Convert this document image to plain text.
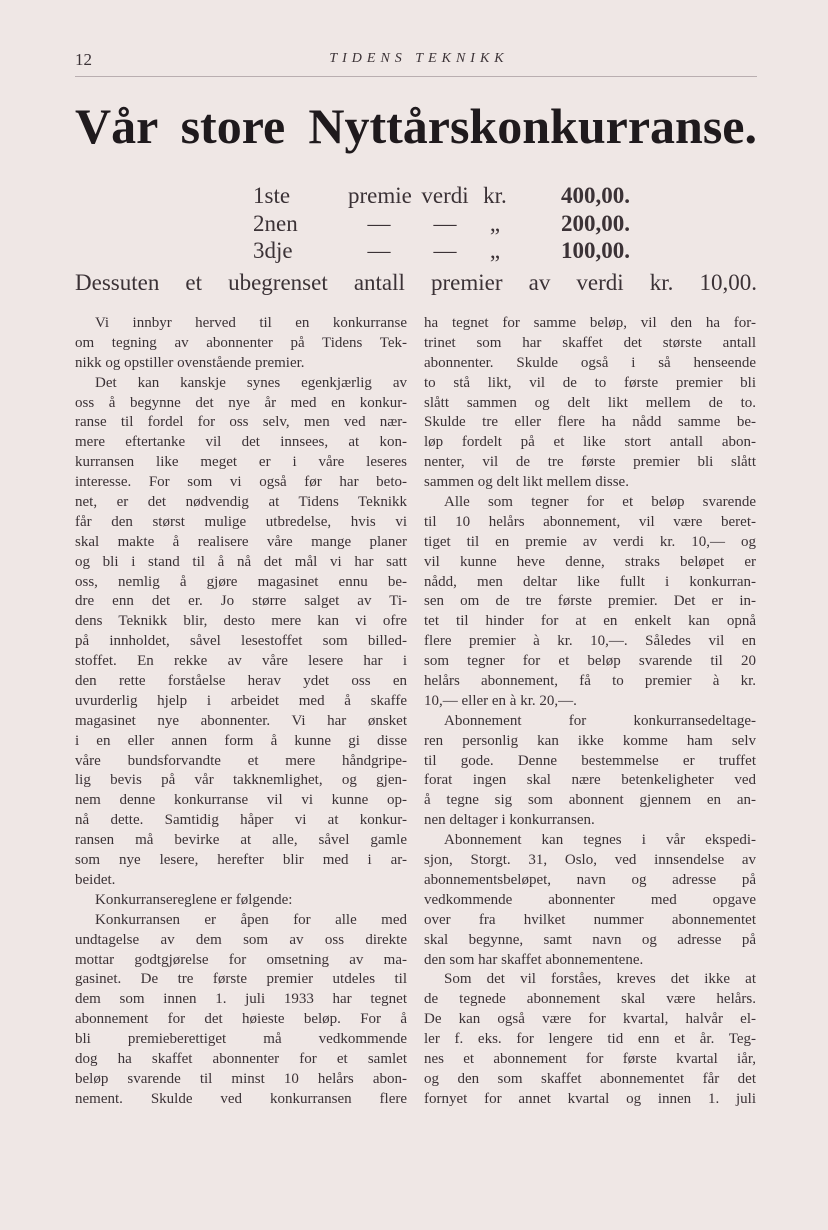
12	TIDENS TEKNIKK
Vår store Nyttårskonkurranse.
1ste	premie verdi kr.	400,00.
2nen	—	—	„	200,00.
3dje	—	—	„	100,00.
Dessuten et ubegrenset antall premier av verdi kr. 10,00.
Vi innbyr herved til en konkurranse
om tegning av abonnenter på Tidens Tek-
nikk og opstiller ovenstående premier.
Det kan kanskje synes egenkjærlig av
oss å begynne det nye år med en konkur-
ranse til fordel for oss selv, men ved nær-
mere eftertanke vil det innsees, at kon-
kurransen like meget er i våre leseres
interesse. For som vi også før har beto-
net, er det nødvendig at Tidens Teknikk
får den størst mulige utbredelse, hvis vi
skal makte å realisere våre mange planer
og bli i stand til å nå det mål vi har satt
oss, nemlig å gjøre magasinet ennu be-
dre enn det er. Jo større salget av Ti-
dens Teknikk blir, desto mere kan vi ofre
på innholdet, såvel lesestoffet som billed-
stoffet. En rekke av våre lesere har i
den rette forståelse herav ydet oss en
uvurderlig hjelp i arbeidet med å skaffe
magasinet nye abonnenter. Vi har ønsket
i en eller annen form å kunne gi disse
våre bundsforvandte et mere håndgripe-
lig bevis på vår takknemlighet, og gjen-
nem denne konkurranse vil vi kunne op-
nå dette. Samtidig håper vi at konkur-
ransen må bevirke at alle, såvel gamle
som nye lesere, herefter blir med i ar-
beidet.
Konkurransereglene er følgende:
Konkurransen er åpen for alle med
undtagelse av dem som av oss direkte
mottar godtgjørelse for omsetning av ma-
gasinet. De tre første premier utdeles til
dem som innen 1. juli 1933 har tegnet
abonnement for det høieste beløp. For å
bli premieberettiget må vedkommende
dog ha skaffet abonnenter for et samlet
beløp svarende til minst 10 helårs abon-
nement. Skulde ved konkurransen flere
ha tegnet for samme beløp, vil den ha for-
trinet som har skaffet det største antall
abonnenter. Skulde også i så henseende
to stå likt, vil de to første premier bli
slått sammen og delt likt mellem de to.
Skulde tre eller flere ha nådd samme be-
løp fordelt på et like stort antall abon-
nenter, vil de tre første premier bli slått
sammen og delt likt mellem disse.
Alle som tegner for et beløp svarende
til 10 helårs abonnement, vil være beret-
tiget til en premie av verdi kr. 10,— og
vil kunne heve denne, straks beløpet er
nådd, men deltar like fullt i konkurran-
sen om de tre første premier. Det er in-
tet til hinder for at en enkelt kan opnå
flere premier à kr. 10,—. Således vil en
som tegner for et beløp svarende til 20
helårs abonnement, få to premier à kr.
10,— eller en à kr. 20,—.
Abonnement for konkurransedeltage-
ren personlig kan ikke komme ham selv
til gode. Denne bestemmelse er truffet
forat ingen skal nære betenkeligheter ved
å tegne sig som abonnent gjennem en an-
nen deltager i konkurransen.
Abonnement kan tegnes i vår ekspedi-
sjon, Storgt. 31, Oslo, ved innsendelse av
abonnementsbeløpet, navn og adresse på
vedkommende abonnenter med opgave
over fra hvilket nummer abonnementet
skal begynne, samt navn og adresse på
den som har skaffet abonnementene.
Som det vil forståes, kreves det ikke at
de tegnede abonnement skal være helårs.
De kan også være for kvartal, halvår el-
ler f. eks. for lengere tid enn et år. Teg-
nes et abonnement for første kvartal iår,
og den som skaffet abonnementet får det
fornyet for annet kvartal og innen 1. juli
